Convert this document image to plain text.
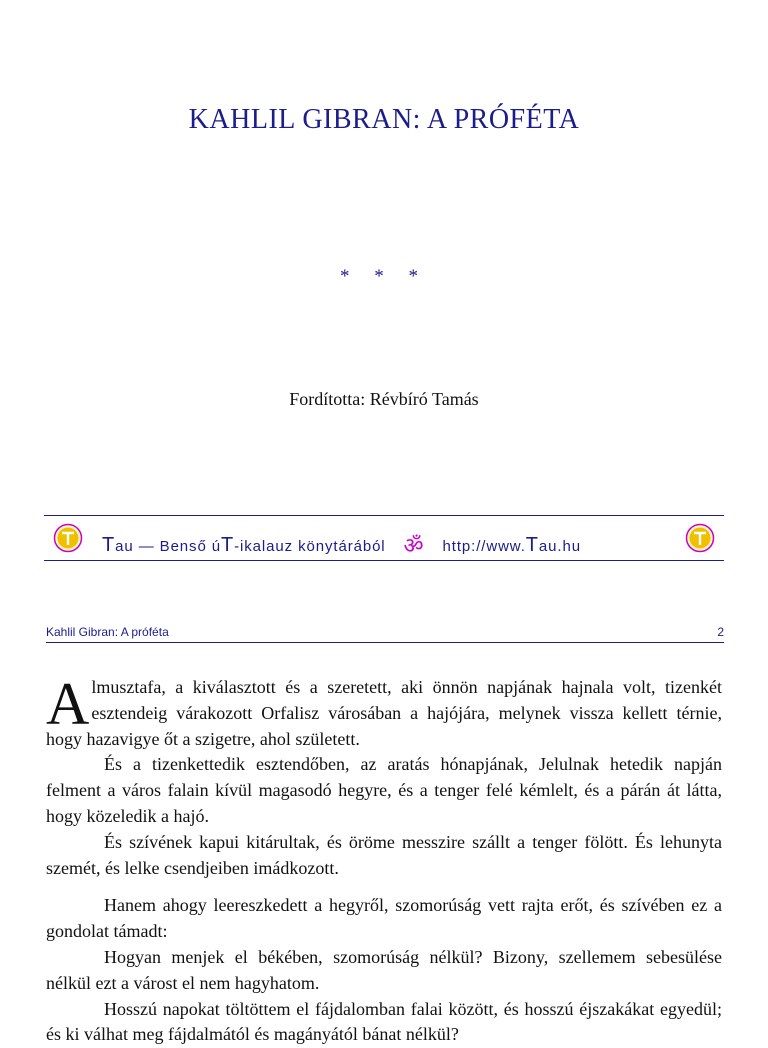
KAHLIL GIBRAN: A PRÓFÉTA
* * *
Fordította: Révbíró Tamás
Tau — Benső úT-ikalauz könytárából ॐ http://www.Tau.hu
Kahlil Gibran: A próféta	2

Almusztafa, a kiválasztott és a szeretett, aki önnön napjának hajnala volt, tizenkét esztendeig várakozott Orfalisz városában a hajójára, melynek vissza kellett térnie, hogy hazavigye őt a szigetre, ahol született.

És a tizenkettedik esztendőben, az aratás hónapjának, Jelulnak hetedik napján felment a város falain kívül magasodó hegyre, és a tenger felé kémlelt, és a párán át látta, hogy közeledik a hajó.

És szívének kapui kitárultak, és öröme messzire szállt a tenger fölött. És lehunyta szemét, és lelke csendjeiben imádkozott.

Hanem ahogy leereszkedett a hegyről, szomorúság vett rajta erőt, és szívében ez a gondolat támadt:

Hogyan menjek el békében, szomorúság nélkül? Bizony, szellemem sebesülése nélkül ezt a várost el nem hagyhatom.

Hosszú napokat töltöttem el fájdalomban falai között, és hosszú éjszakákat egyedül; és ki válhat meg fájdalmától és magányától bánat nélkül?
